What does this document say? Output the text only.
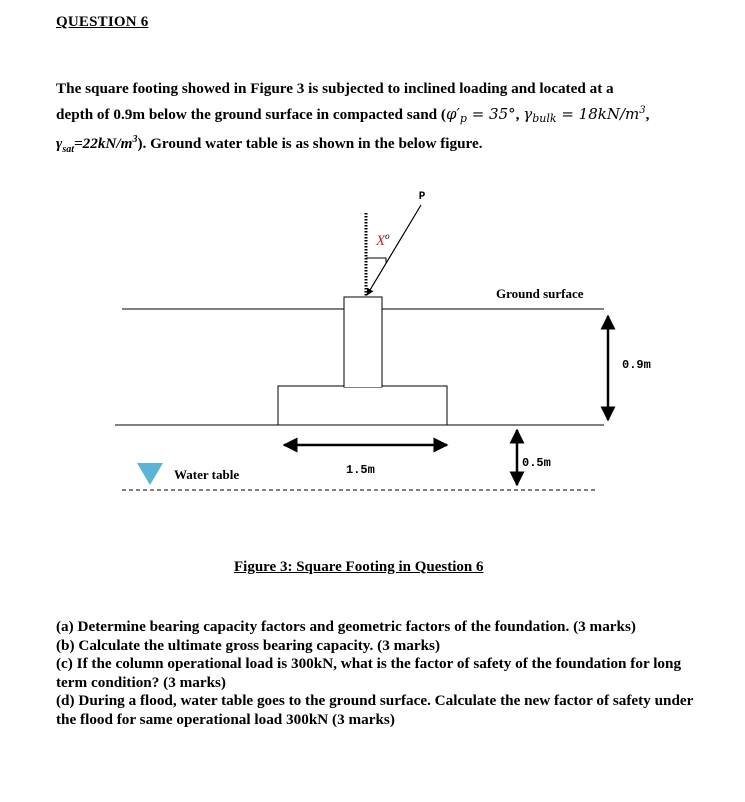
QUESTION 6
The square footing showed in Figure 3 is subjected to inclined loading and located at a
depth of 0.9m below the ground surface in compacted sand ($\varphi'_p = 35^\circ$, $\gamma_{bulk} = 18kN/m^3$,
$\gamma_{sat}=22kN/m^3$). Ground water table is as shown in the below figure.
P
$X^o$
Ground surface
0.9m
1.5m	0.5m
Water table
Figure 3: Square Footing in Question 6

(a) Determine bearing capacity factors and geometric factors of the foundation. (3 marks)

(b) Calculate the ultimate gross bearing capacity. (3 marks)

(c) If the column operational load is 300kN, what is the factor of safety of the foundation for long term condition? (3 marks)

(d) During a flood, water table goes to the ground surface. Calculate the new factor of safety under the flood for same operational load 300kN (3 marks)
